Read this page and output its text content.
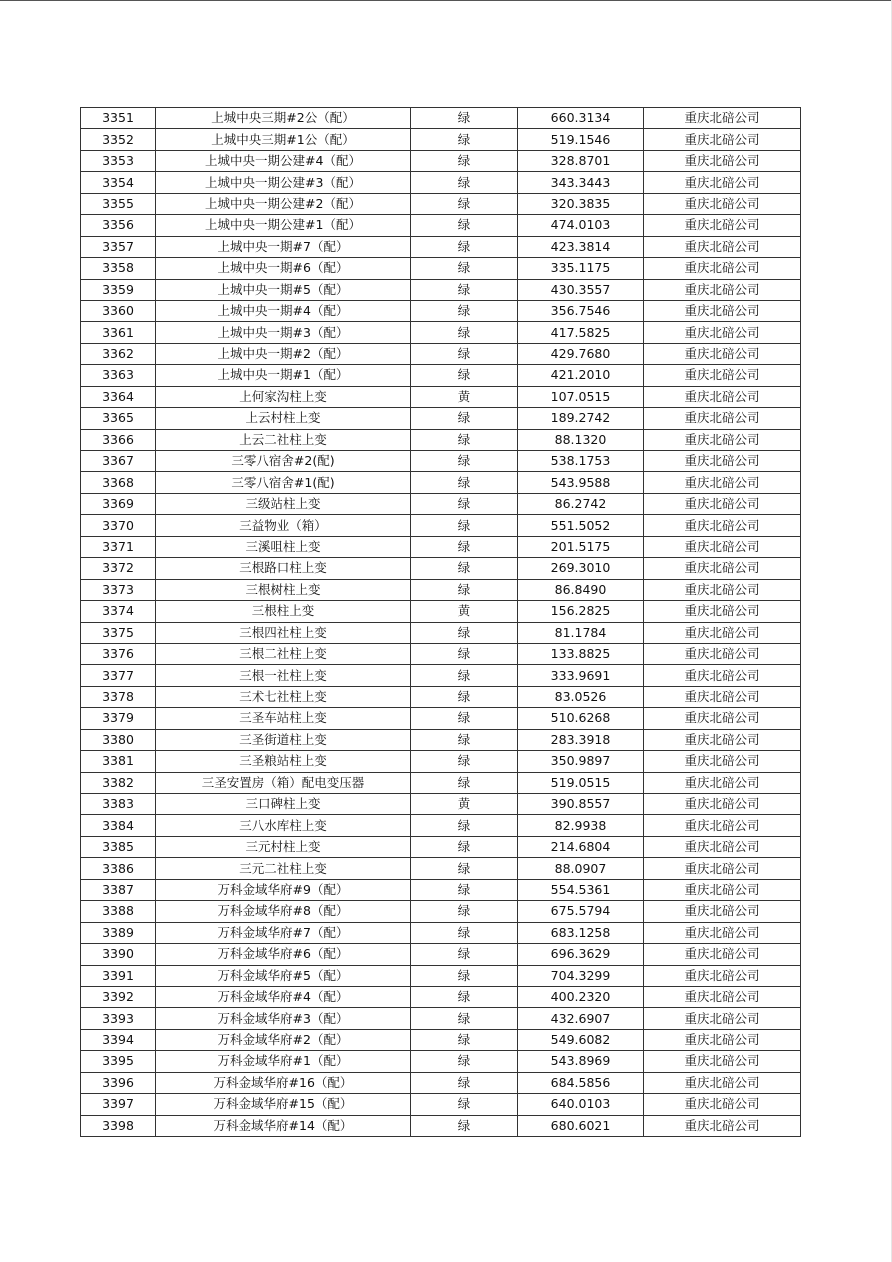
3351	上城中央三期#2公（配）	绿	660.3134	重庆北碚公司
3352	上城中央三期#1公（配）	绿	519.1546	重庆北碚公司
3353	上城中央一期公建#4（配）	绿	328.8701	重庆北碚公司
3354	上城中央一期公建#3（配）	绿	343.3443	重庆北碚公司
3355	上城中央一期公建#2（配）	绿	320.3835	重庆北碚公司
3356	上城中央一期公建#1（配）	绿	474.0103	重庆北碚公司
3357	上城中央一期#7（配）	绿	423.3814	重庆北碚公司
3358	上城中央一期#6（配）	绿	335.1175	重庆北碚公司
3359	上城中央一期#5（配）	绿	430.3557	重庆北碚公司
3360	上城中央一期#4（配）	绿	356.7546	重庆北碚公司
3361	上城中央一期#3（配）	绿	417.5825	重庆北碚公司
3362	上城中央一期#2（配）	绿	429.7680	重庆北碚公司
3363	上城中央一期#1（配）	绿	421.2010	重庆北碚公司
3364	上何家沟柱上变	黄	107.0515	重庆北碚公司
3365	上云村柱上变	绿	189.2742	重庆北碚公司
3366	上云二社柱上变	绿	88.1320	重庆北碚公司
3367	三零八宿舍#2(配)	绿	538.1753	重庆北碚公司
3368	三零八宿舍#1(配)	绿	543.9588	重庆北碚公司
3369	三级站柱上变	绿	86.2742	重庆北碚公司
3370	三益物业（箱）	绿	551.5052	重庆北碚公司
3371	三溪咀柱上变	绿	201.5175	重庆北碚公司
3372	三根路口柱上变	绿	269.3010	重庆北碚公司
3373	三根树柱上变	绿	86.8490	重庆北碚公司
3374	三根柱上变	黄	156.2825	重庆北碚公司
3375	三根四社柱上变	绿	81.1784	重庆北碚公司
3376	三根二社柱上变	绿	133.8825	重庆北碚公司
3377	三根一社柱上变	绿	333.9691	重庆北碚公司
3378	三术七社柱上变	绿	83.0526	重庆北碚公司
3379	三圣车站柱上变	绿	510.6268	重庆北碚公司
3380	三圣街道柱上变	绿	283.3918	重庆北碚公司
3381	三圣粮站柱上变	绿	350.9897	重庆北碚公司
3382	三圣安置房（箱）配电变压器	绿	519.0515	重庆北碚公司
3383	三口碑柱上变	黄	390.8557	重庆北碚公司
3384	三八水库柱上变	绿	82.9938	重庆北碚公司
3385	三元村柱上变	绿	214.6804	重庆北碚公司
3386	三元二社柱上变	绿	88.0907	重庆北碚公司
3387	万科金域华府#9（配）	绿	554.5361	重庆北碚公司
3388	万科金域华府#8（配）	绿	675.5794	重庆北碚公司
3389	万科金域华府#7（配）	绿	683.1258	重庆北碚公司
3390	万科金域华府#6（配）	绿	696.3629	重庆北碚公司
3391	万科金域华府#5（配）	绿	704.3299	重庆北碚公司
3392	万科金域华府#4（配）	绿	400.2320	重庆北碚公司
3393	万科金域华府#3（配）	绿	432.6907	重庆北碚公司
3394	万科金域华府#2（配）	绿	549.6082	重庆北碚公司
3395	万科金域华府#1（配）	绿	543.8969	重庆北碚公司
3396	万科金域华府#16（配）	绿	684.5856	重庆北碚公司
3397	万科金域华府#15（配）	绿	640.0103	重庆北碚公司
3398	万科金域华府#14（配）	绿	680.6021	重庆北碚公司
